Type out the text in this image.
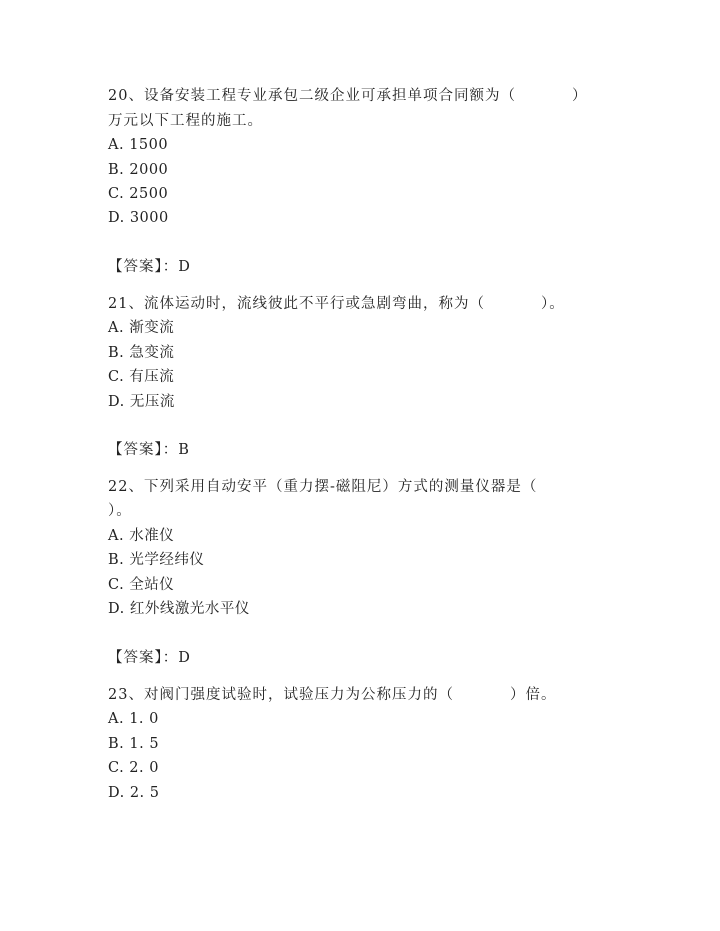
20、设备安装工程专业承包二级企业可承担单项合同额为（          ）
万元以下工程的施工。
A. 1500
B. 2000
C. 2500
D. 3000
【答案】：D
21、流体运动时，流线彼此不平行或急剧弯曲，称为（          ）。
A. 渐变流
B. 急变流
C. 有压流
D. 无压流
【答案】：B
22、下列采用自动安平（重力摆-磁阻尼）方式的测量仪器是（
）。
A. 水准仪
B. 光学经纬仪
C. 全站仪
D. 红外线激光水平仪
【答案】：D
23、对阀门强度试验时，试验压力为公称压力的（          ）倍。
A. 1. 0
B. 1. 5
C. 2. 0
D. 2. 5
